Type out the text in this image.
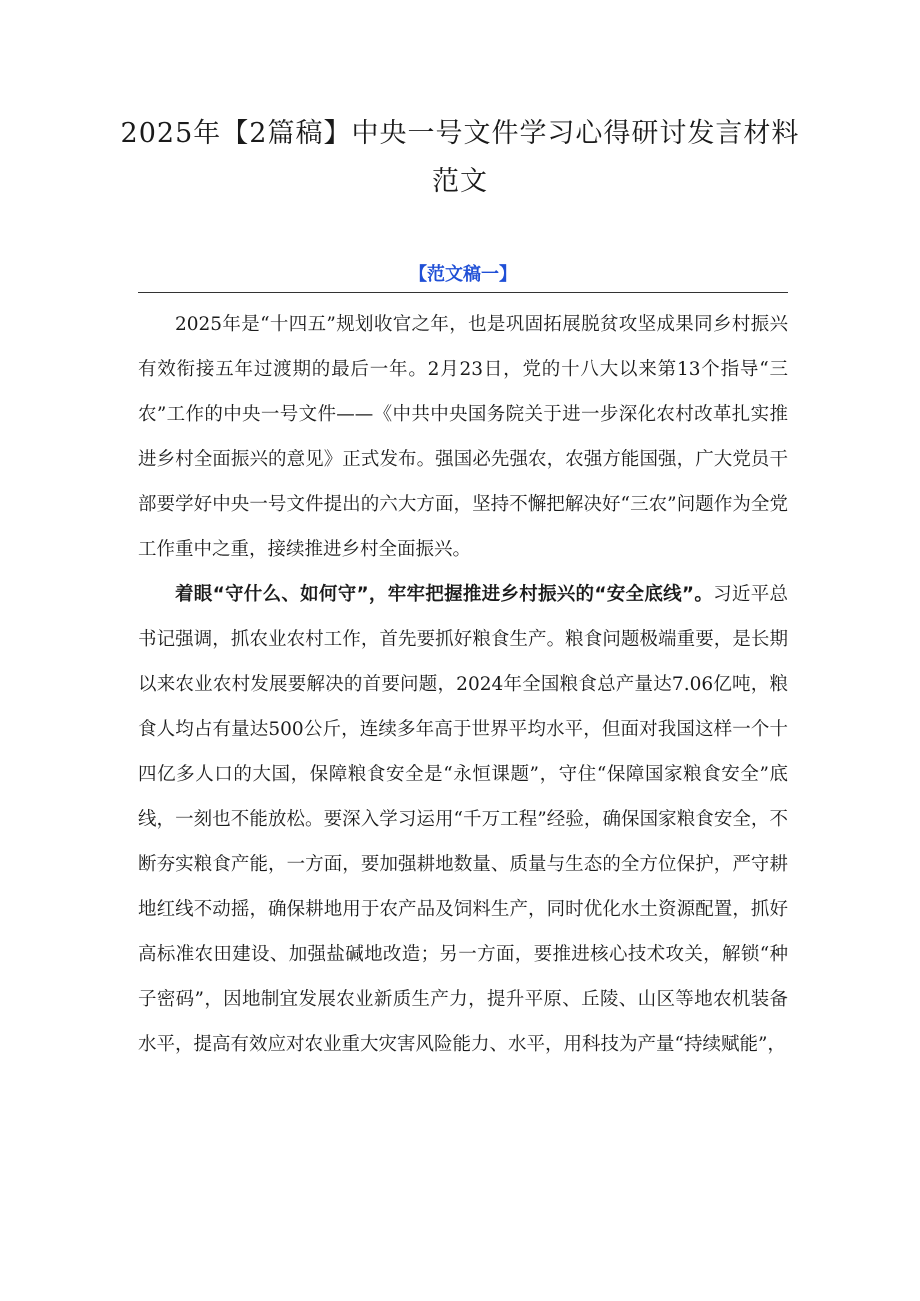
2025年【2篇稿】中央一号文件学习心得研讨发言材料范文
【范文稿一】

2025年是“十四五”规划收官之年，也是巩固拓展脱贫攻坚成果同乡村振兴有效衔接五年过渡期的最后一年。2月23日，党的十八大以来第13个指导“三农”工作的中央一号文件——《中共中央国务院关于进一步深化农村改革扎实推进乡村全面振兴的意见》正式发布。强国必先强农，农强方能国强，广大党员干部要学好中央一号文件提出的六大方面，坚持不懈把解决好“三农”问题作为全党工作重中之重，接续推进乡村全面振兴。

着眼“守什么、如何守”，牢牢把握推进乡村振兴的“安全底线”。习近平总书记强调，抓农业农村工作，首先要抓好粮食生产。粮食问题极端重要，是长期以来农业农村发展要解决的首要问题，2024年全国粮食总产量达7.06亿吨，粮食人均占有量达500公斤，连续多年高于世界平均水平，但面对我国这样一个十四亿多人口的大国，保障粮食安全是“永恒课题”，守住“保障国家粮食安全”底线，一刻也不能放松。要深入学习运用“千万工程”经验，确保国家粮食安全，不断夯实粮食产能，一方面，要加强耕地数量、质量与生态的全方位保护，严守耕地红线不动摇，确保耕地用于农产品及饲料生产，同时优化水土资源配置，抓好高标准农田建设、加强盐碱地改造；另一方面，要推进核心技术攻关，解锁“种子密码”，因地制宜发展农业新质生产力，提升平原、丘陵、山区等地农机装备水平，提高有效应对农业重大灾害风险能力、水平，用科技为产量“持续赋能”，
